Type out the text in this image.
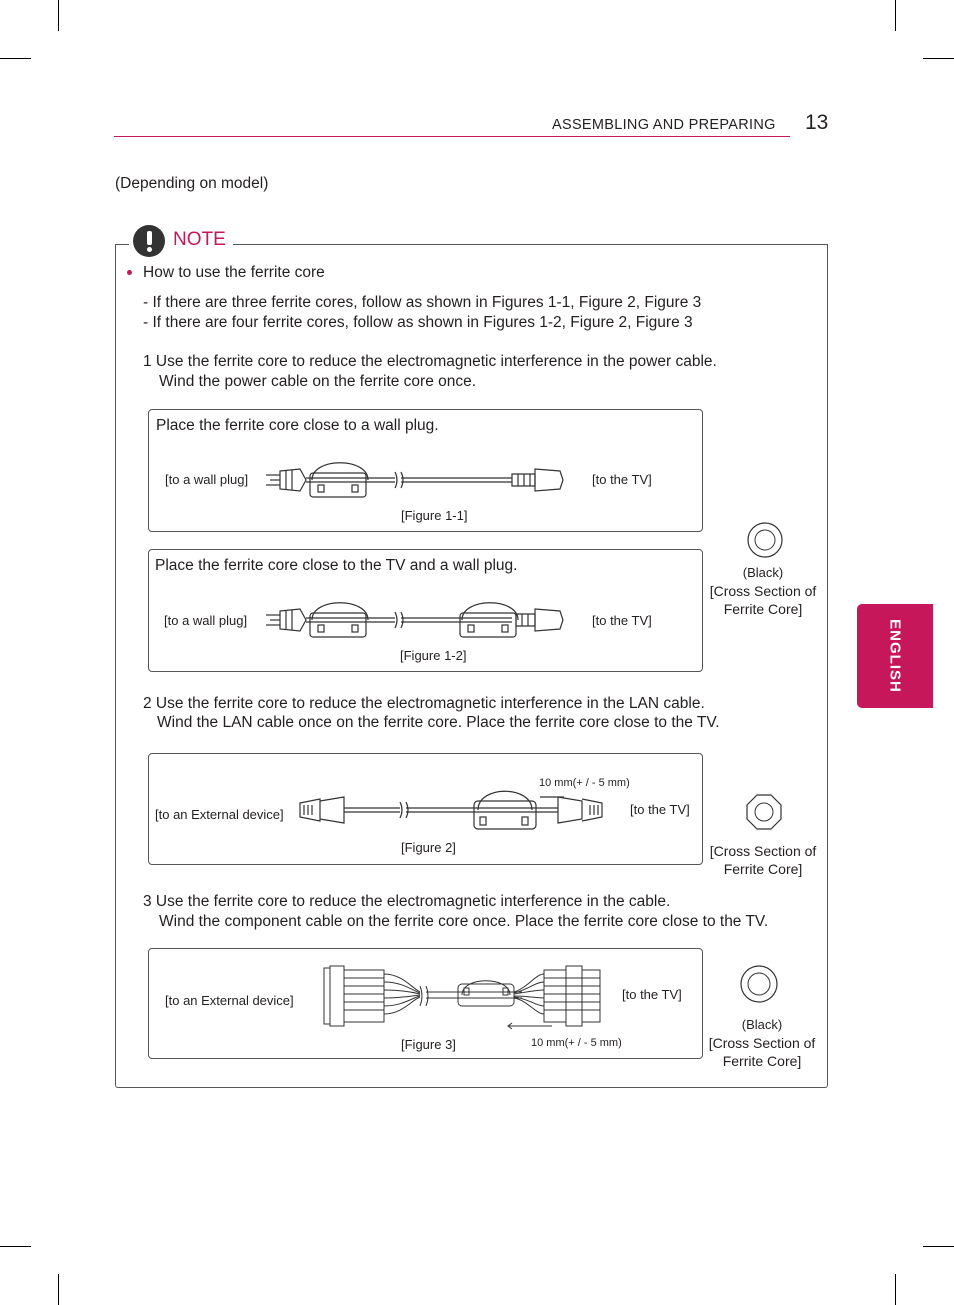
ASSEMBLING AND PREPARING 13
ENGLISH
(Depending on model)
NOTE
How to use the ferrite core
- If there are three ferrite cores, follow as shown in Figures 1-1, Figure 2, Figure 3
- If there are four ferrite cores, follow as shown in Figures 1-2, Figure 2, Figure 3
1 Use the ferrite core to reduce the electromagnetic interference in the power cable.
Wind the power cable on the ferrite core once.
Place the ferrite core close to a wall plug.
[to a wall plug]	[to the TV]
[Figure 1-1]
Place the ferrite core close to the TV and a wall plug.
[to a wall plug]	[to the TV]
[Figure 1-2]
(Black)
[Cross Section of
Ferrite Core]
2 Use the ferrite core to reduce the electromagnetic interference in the LAN cable.
Wind the LAN cable once on the ferrite core. Place the ferrite core close to the TV.
[to an External device]	[to the TV]
10 mm(+ / - 5 mm)
[Figure 2]	[Cross Section of
Ferrite Core]
3 Use the ferrite core to reduce the electromagnetic interference in the cable.
Wind the component cable on the ferrite core once. Place the ferrite core close to the TV.
[to an External device]	[to the TV]
10 mm(+ / - 5 mm)
[Figure 3]
(Black)
[Cross Section of
Ferrite Core]
